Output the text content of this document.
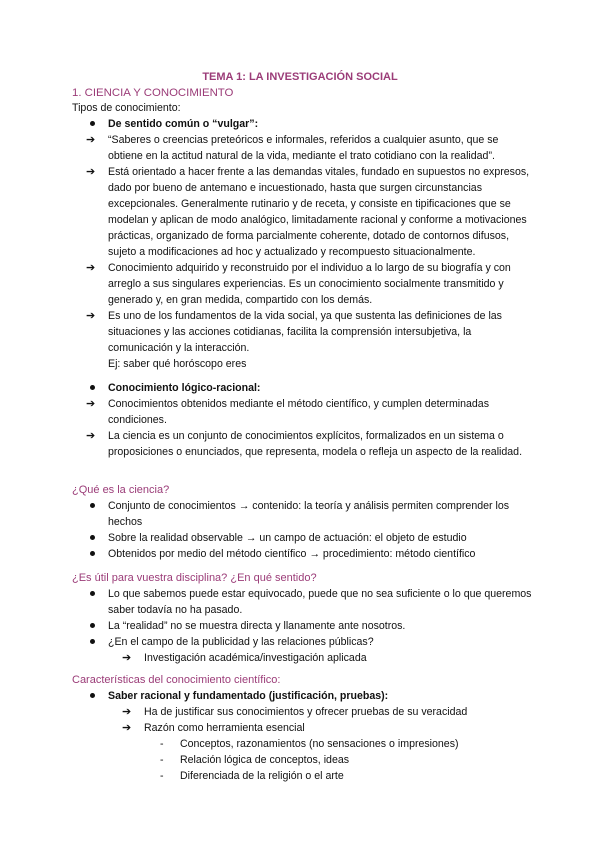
TEMA 1: LA INVESTIGACIÓN SOCIAL
1. CIENCIA Y CONOCIMIENTO
Tipos de conocimiento:
De sentido común o “vulgar”:
➔ “Saberes o creencias preteóricos e informales, referidos a cualquier asunto, que se obtiene en la actitud natural de la vida, mediante el trato cotidiano con la realidad”.
➔ Está orientado a hacer frente a las demandas vitales, fundado en supuestos no expresos, dado por bueno de antemano e incuestionado, hasta que surgen circunstancias excepcionales. Generalmente rutinario y de receta, y consiste en tipificaciones que se modelan y aplican de modo analógico, limitadamente racional y conforme a motivaciones prácticas, organizado de forma parcialmente coherente, dotado de contornos difusos, sujeto a modificaciones ad hoc y actualizado y recompuesto situacionalmente.
➔ Conocimiento adquirido y reconstruido por el individuo a lo largo de su biografía y con arreglo a sus singulares experiencias. Es un conocimiento socialmente transmitido y generado y, en gran medida, compartido con los demás.
➔ Es uno de los fundamentos de la vida social, ya que sustenta las definiciones de las situaciones y las acciones cotidianas, facilita la comprensión intersubjetiva, la comunicación y la interacción.
Ej: saber qué horóscopo eres
Conocimiento lógico-racional:
➔ Conocimientos obtenidos mediante el método científico, y cumplen determinadas condiciones.
➔ La ciencia es un conjunto de conocimientos explícitos, formalizados en un sistema o proposiciones o enunciados, que representa, modela o refleja un aspecto de la realidad.
¿Qué es la ciencia?
Conjunto de conocimientos → contenido: la teoría y análisis permiten comprender los hechos
Sobre la realidad observable → un campo de actuación: el objeto de estudio
Obtenidos por medio del método científico → procedimiento: método científico
¿Es útil para vuestra disciplina? ¿En qué sentido?
Lo que sabemos puede estar equivocado, puede que no sea suficiente o lo que queremos saber todavía no ha pasado.
La “realidad” no se muestra directa y llanamente ante nosotros.
¿En el campo de la publicidad y las relaciones públicas?
➔ Investigación académica/investigación aplicada
Características del conocimiento científico:
Saber racional y fundamentado (justificación, pruebas):
➔ Ha de justificar sus conocimientos y ofrecer pruebas de su veracidad
➔ Razón como herramienta esencial
- Conceptos, razonamientos (no sensaciones o impresiones)
- Relación lógica de conceptos, ideas
- Diferenciada de la religión o el arte
